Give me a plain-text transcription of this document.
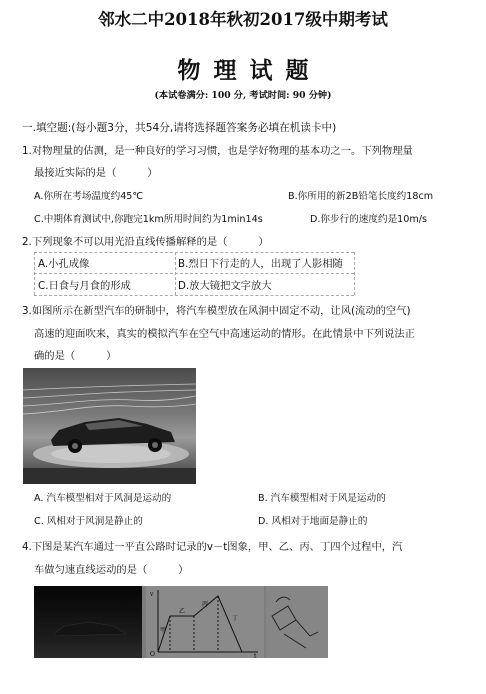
邻水二中2018年秋初2017级中期考试
物理试题
(本试卷满分: 100 分, 考试时间: 90 分钟)
一.填空题:(每小题3分，共54分,请将选择题答案务必填在机读卡中)
1.对物理量的估测，是一种良好的学习习惯，也是学好物理的基本功之一。下列物理量
最接近实际的是（　　　）
A.你所在考场温度约45℃	B.你所用的新2B铅笔长度约18cm
C.中期体育测试中,你跑完1km所用时间约为1min14s	D.你步行的速度约是10m/s
2.下列现象不可以用光沿直线传播解释的是（　　　）
A.小孔成像	B.烈日下行走的人，出现了人影相随
C.日食与月食的形成	D.放大镜把文字放大
3.如图所示在新型汽车的研制中，将汽车模型放在风洞中固定不动，让风(流动的空气)
高速的迎面吹来，真实的模拟汽车在空气中高速运动的情形。在此情景中下列说法正
确的是（　　　）
A. 汽车模型相对于风洞是运动的	B. 汽车模型相对于风是运动的
C. 风相对于风洞是静止的	D. 风相对于地面是静止的
4.下图是某汽车通过一平直公路时记录的v－t图象，甲、乙、丙、丁四个过程中，汽
车做匀速直线运动的是（　　　）
O
v
t
甲
乙
丙
丁
